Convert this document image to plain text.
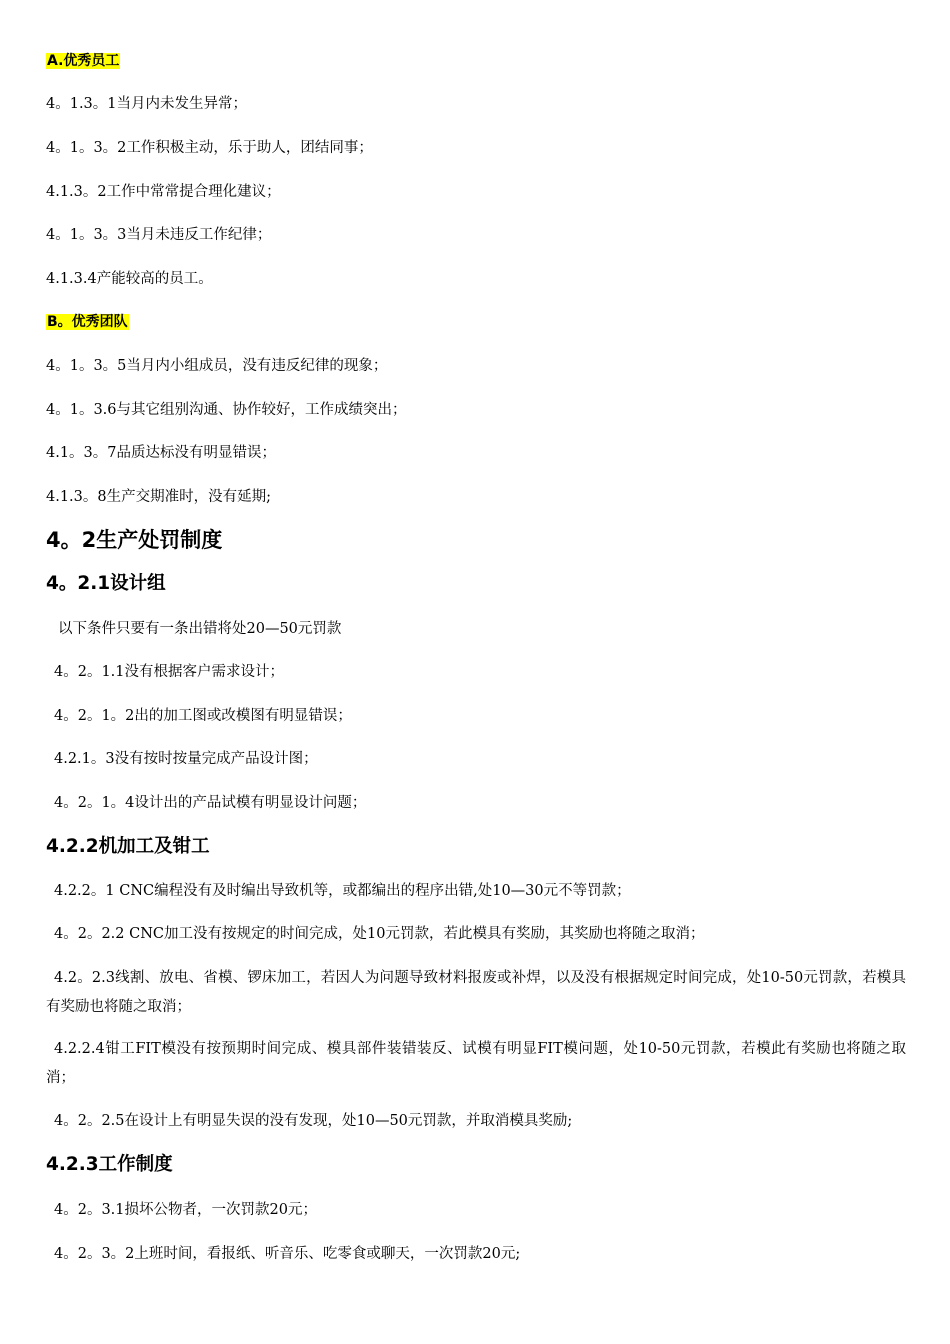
A.优秀员工
4。1.3。1当月内未发生异常；
4。1。3。2工作积极主动，乐于助人，团结同事；
4.1.3。2工作中常常提合理化建议；
4。1。3。3当月未违反工作纪律；
4.1.3.4产能较高的员工。
B。优秀团队
4。1。3。5当月内小组成员，没有违反纪律的现象；
4。1。3.6与其它组别沟通、协作较好，工作成绩突出；
4.1。3。7品质达标没有明显错误；
4.1.3。8生产交期准时，没有延期;
4。2生产处罚制度
4。2.1设计组
以下条件只要有一条出错将处20—50元罚款
4。2。1.1没有根据客户需求设计；
4。2。1。2出的加工图或改模图有明显错误；
4.2.1。3没有按时按量完成产品设计图；
4。2。1。4设计出的产品试模有明显设计问题；
4.2.2机加工及钳工
4.2.2。1 CNC编程没有及时编出导致机等，或都编出的程序出错,处10—30元不等罚款；
4。2。2.2 CNC加工没有按规定的时间完成，处10元罚款，若此模具有奖励，其奖励也将随之取消；
4.2。2.3线割、放电、省模、锣床加工，若因人为问题导致材料报废或补焊，以及没有根据规定时间完成，处10-50元罚款，若模具有奖励也将随之取消；
4.2.2.4钳工FIT模没有按预期时间完成、模具部件装错装反、试模有明显FIT模问题，处10-50元罚款，若模此有奖励也将随之取消；
4。2。2.5在设计上有明显失误的没有发现，处10—50元罚款，并取消模具奖励;
4.2.3工作制度
4。2。3.1损坏公物者，一次罚款20元；
4。2。3。2上班时间，看报纸、听音乐、吃零食或聊天，一次罚款20元;
